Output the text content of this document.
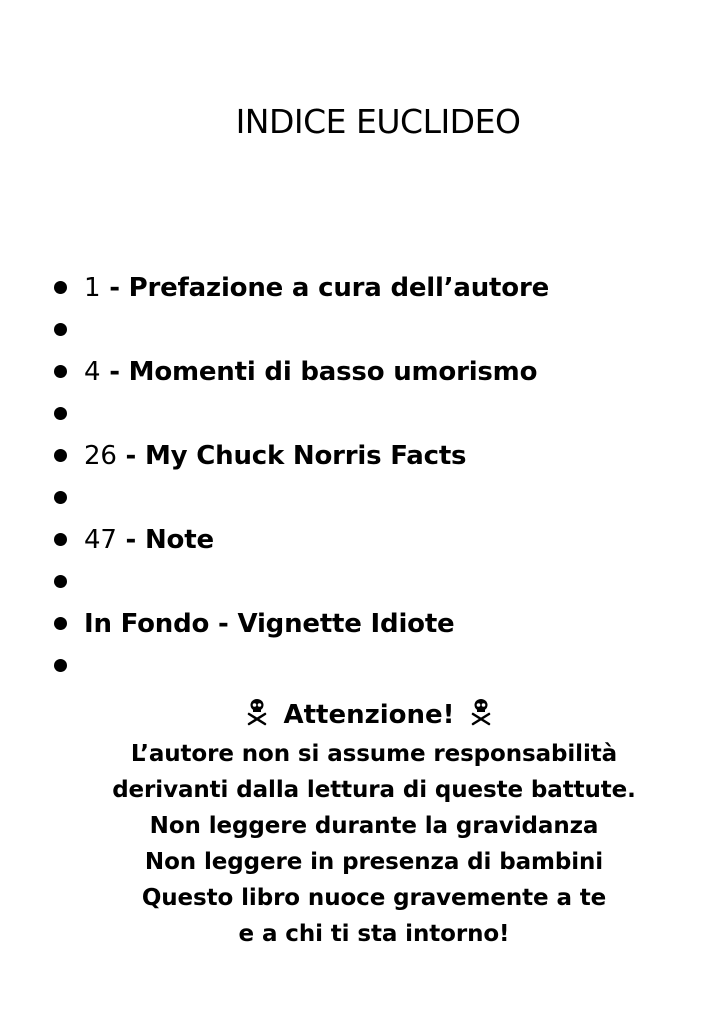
INDICE EUCLIDEO
1 - Prefazione a cura dell’autore
4 - Momenti di basso umorismo
26 - My Chuck Norris Facts
47 - Note
In Fondo - Vignette Idiote
Attenzione!
L’autore non si assume responsabilità
derivanti dalla lettura di queste battute.
Non leggere durante la gravidanza
Non leggere in presenza di bambini
Questo libro nuoce gravemente a te
e a chi ti sta intorno!
